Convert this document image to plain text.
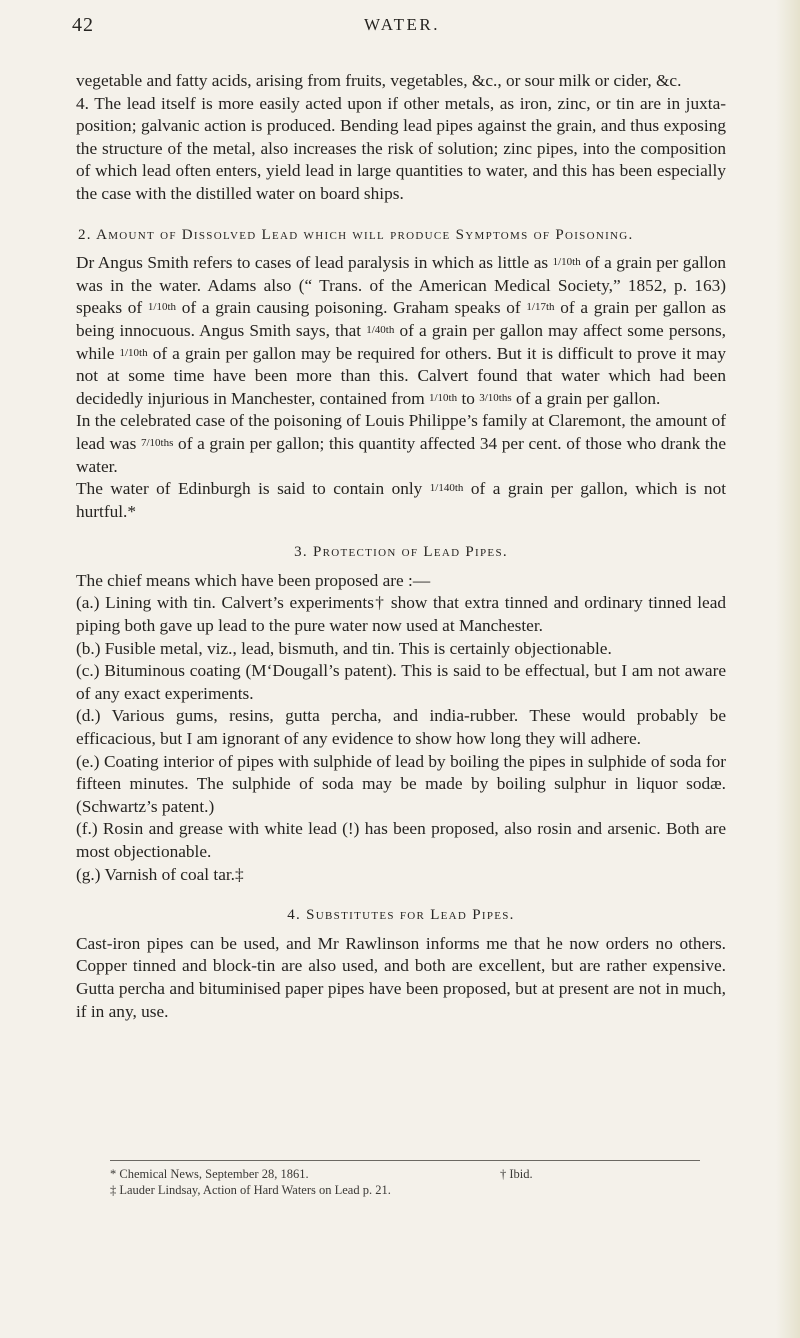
42	WATER.

vegetable and fatty acids, arising from fruits, vegetables, &c., or sour milk or cider, &c.

4. The lead itself is more easily acted upon if other metals, as iron, zinc, or tin are in juxta-position; galvanic action is produced. Bending lead pipes against the grain, and thus exposing the structure of the metal, also increases the risk of solution; zinc pipes, into the composition of which lead often enters, yield lead in large quantities to water, and this has been especially the case with the distilled water on board ships.

2. Amount of Dissolved Lead which will produce Symptoms of Poisoning.

Dr Angus Smith refers to cases of lead paralysis in which as little as 1/10th of a grain per gallon was in the water. Adams also (“ Trans. of the American Medical Society,” 1852, p. 163) speaks of 1/10th of a grain causing poisoning. Graham speaks of 1/17th of a grain per gallon as being innocuous. Angus Smith says, that 1/40th of a grain per gallon may affect some persons, while 1/10th of a grain per gallon may be required for others. But it is difficult to prove it may not at some time have been more than this. Calvert found that water which had been decidedly injurious in Manchester, contained from 1/10th to 3/10ths of a grain per gallon.

In the celebrated case of the poisoning of Louis Philippe’s family at Claremont, the amount of lead was 7/10ths of a grain per gallon; this quantity affected 34 per cent. of those who drank the water.

The water of Edinburgh is said to contain only 1/140th of a grain per gallon, which is not hurtful.*

3. Protection of Lead Pipes.

The chief means which have been proposed are :—

(a.) Lining with tin. Calvert’s experiments† show that extra tinned and ordinary tinned lead piping both gave up lead to the pure water now used at Manchester.

(b.) Fusible metal, viz., lead, bismuth, and tin. This is certainly objectionable.

(c.) Bituminous coating (M‘Dougall’s patent). This is said to be effectual, but I am not aware of any exact experiments.

(d.) Various gums, resins, gutta percha, and india-rubber. These would probably be efficacious, but I am ignorant of any evidence to show how long they will adhere.

(e.) Coating interior of pipes with sulphide of lead by boiling the pipes in sulphide of soda for fifteen minutes. The sulphide of soda may be made by boiling sulphur in liquor sodæ. (Schwartz’s patent.)

(f.) Rosin and grease with white lead (!) has been proposed, also rosin and arsenic. Both are most objectionable.

(g.) Varnish of coal tar.‡

4. Substitutes for Lead Pipes.

Cast-iron pipes can be used, and Mr Rawlinson informs me that he now orders no others. Copper tinned and block-tin are also used, and both are excellent, but are rather expensive. Gutta percha and bituminised paper pipes have been proposed, but at present are not in much, if in any, use.

* Chemical News, September 28, 1861.	† Ibid.
‡ Lauder Lindsay, Action of Hard Waters on Lead p. 21.
